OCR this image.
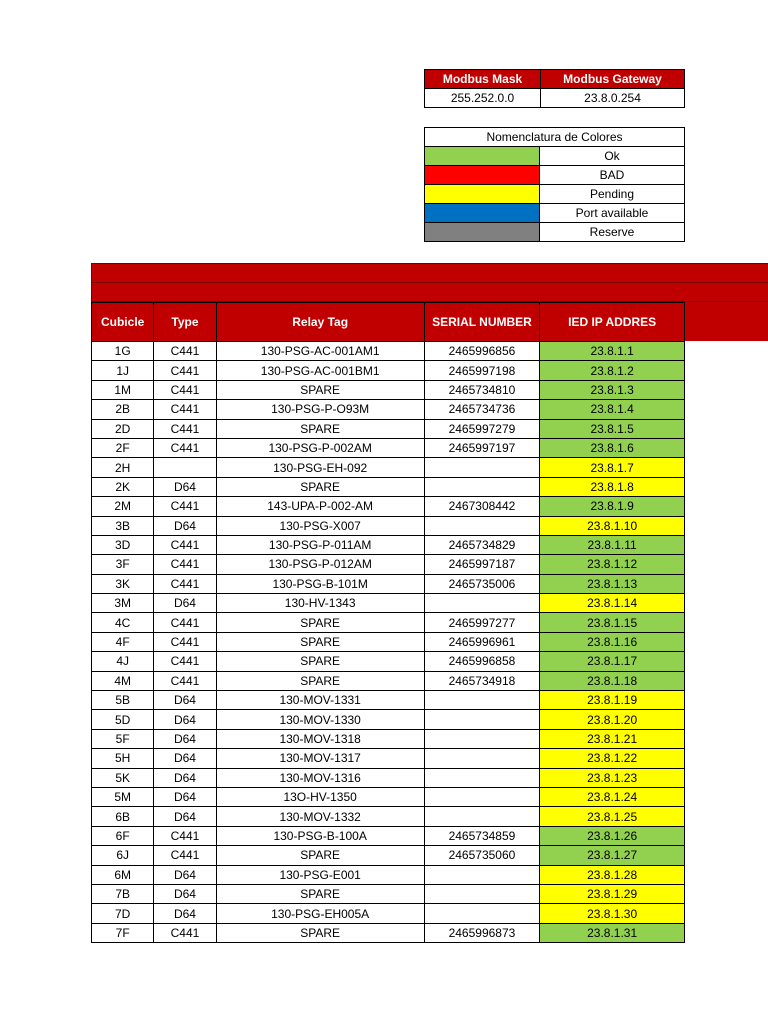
Modbus Mask	Modbus Gateway
255.252.0.0	23.8.0.254
Nomenclatura de Colores	
	Ok
	BAD
	Pending
	Port available
	Reserve
Cubicle	Type	Relay Tag	SERIAL NUMBER	IED IP ADDRES
1G	C441	130-PSG-AC-001AM1	2465996856	23.8.1.1
1J	C441	130-PSG-AC-001BM1	2465997198	23.8.1.2
1M	C441	SPARE	2465734810	23.8.1.3
2B	C441	130-PSG-P-O93M	2465734736	23.8.1.4
2D	C441	SPARE	2465997279	23.8.1.5
2F	C441	130-PSG-P-002AM	2465997197	23.8.1.6
2H		130-PSG-EH-092		23.8.1.7
2K	D64	SPARE		23.8.1.8
2M	C441	143-UPA-P-002-AM	2467308442	23.8.1.9
3B	D64	130-PSG-X007		23.8.1.10
3D	C441	130-PSG-P-011AM	2465734829	23.8.1.11
3F	C441	130-PSG-P-012AM	2465997187	23.8.1.12
3K	C441	130-PSG-B-101M	2465735006	23.8.1.13
3M	D64	130-HV-1343		23.8.1.14
4C	C441	SPARE	2465997277	23.8.1.15
4F	C441	SPARE	2465996961	23.8.1.16
4J	C441	SPARE	2465996858	23.8.1.17
4M	C441	SPARE	2465734918	23.8.1.18
5B	D64	130-MOV-1331		23.8.1.19
5D	D64	130-MOV-1330		23.8.1.20
5F	D64	130-MOV-1318		23.8.1.21
5H	D64	130-MOV-1317		23.8.1.22
5K	D64	130-MOV-1316		23.8.1.23
5M	D64	13O-HV-1350		23.8.1.24
6B	D64	130-MOV-1332		23.8.1.25
6F	C441	130-PSG-B-100A	2465734859	23.8.1.26
6J	C441	SPARE	2465735060	23.8.1.27
6M	D64	130-PSG-E001		23.8.1.28
7B	D64	SPARE		23.8.1.29
7D	D64	130-PSG-EH005A		23.8.1.30
7F	C441	SPARE	2465996873	23.8.1.31
